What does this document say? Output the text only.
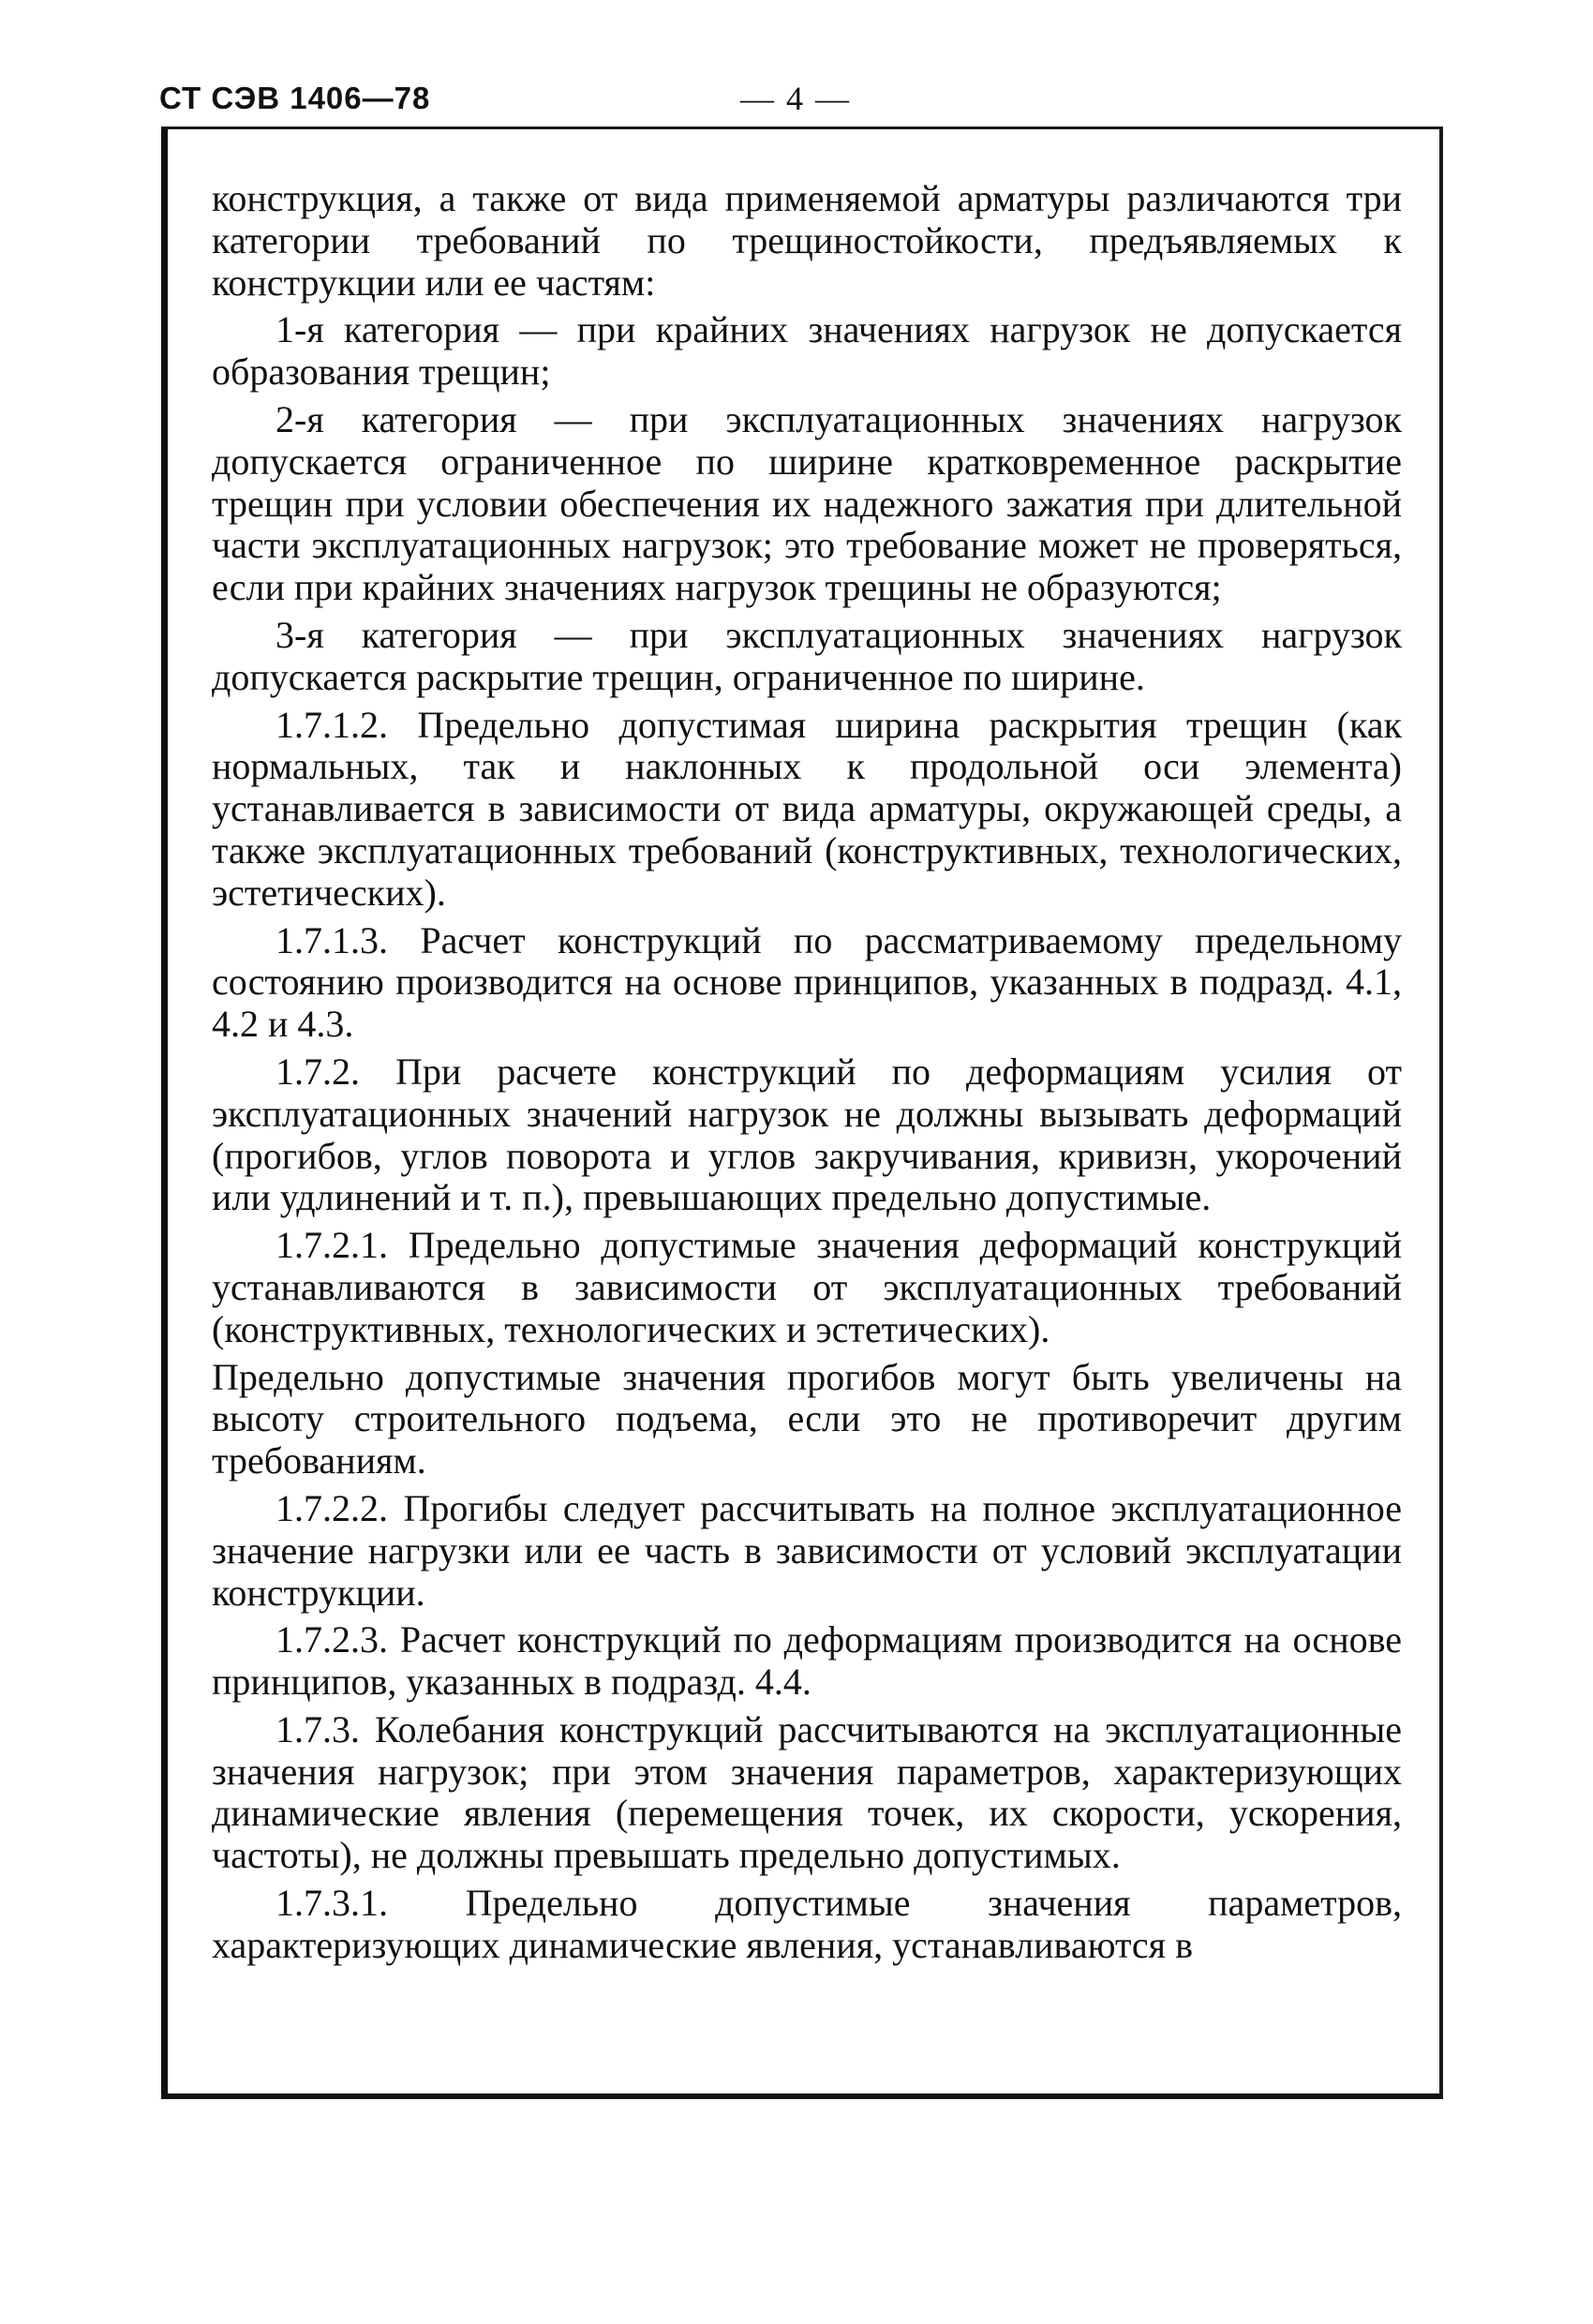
СТ СЭВ 1406—78	— 4 —

конструкция, а также от вида применяемой арматуры различаются три категории требований по трещиностойкости, предъявляемых к конструкции или ее частям:

1-я категория — при крайних значениях нагрузок не допускается образования трещин;

2-я категория — при эксплуатационных значениях нагрузок допускается ограниченное по ширине кратковременное раскрытие трещин при условии обеспечения их надежного зажатия при длительной части эксплуатационных нагрузок; это требование может не проверяться, если при крайних значениях нагрузок трещины не образуются;

3-я категория — при эксплуатационных значениях нагрузок допускается раскрытие трещин, ограниченное по ширине.

1.7.1.2. Предельно допустимая ширина раскрытия трещин (как нормальных, так и наклонных к продольной оси элемента) устанавливается в зависимости от вида арматуры, окружающей среды, а также эксплуатационных требований (конструктивных, технологических, эстетических).

1.7.1.3. Расчет конструкций по рассматриваемому предельному состоянию производится на основе принципов, указанных в подразд. 4.1, 4.2 и 4.3.

1.7.2. При расчете конструкций по деформациям усилия от эксплуатационных значений нагрузок не должны вызывать деформаций (прогибов, углов поворота и углов закручивания, кривизн, укорочений или удлинений и т. п.), превышающих предельно допустимые.

1.7.2.1. Предельно допустимые значения деформаций конструкций устанавливаются в зависимости от эксплуатационных требований (конструктивных, технологических и эстетических).

Предельно допустимые значения прогибов могут быть увеличены на высоту строительного подъема, если это не противоречит другим требованиям.

1.7.2.2. Прогибы следует рассчитывать на полное эксплуатационное значение нагрузки или ее часть в зависимости от условий эксплуатации конструкции.

1.7.2.3. Расчет конструкций по деформациям производится на основе принципов, указанных в подразд. 4.4.

1.7.3. Колебания конструкций рассчитываются на эксплуатационные значения нагрузок; при этом значения параметров, характеризующих динамические явления (перемещения точек, их скорости, ускорения, частоты), не должны превышать предельно допустимых.

1.7.3.1. Предельно допустимые значения параметров, характеризующих динамические явления, устанавливаются в
